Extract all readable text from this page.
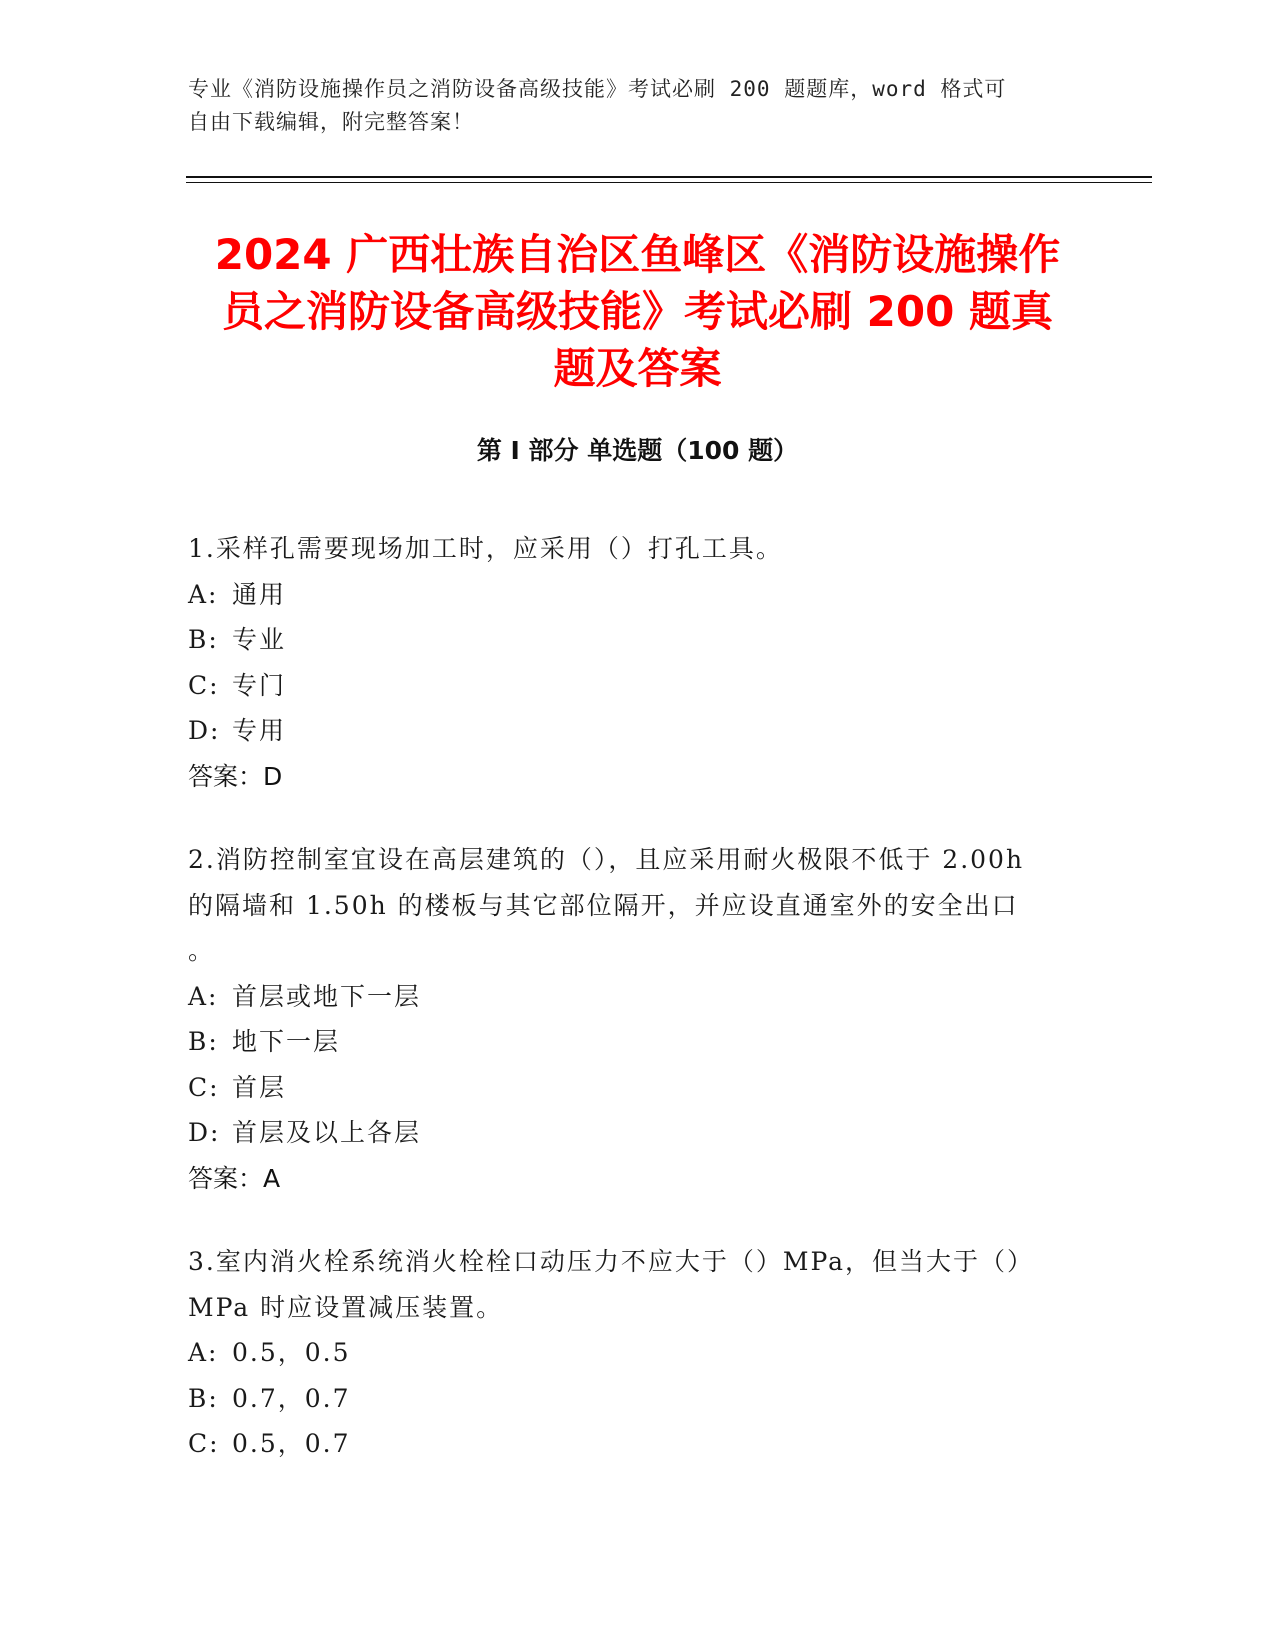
专业《消防设施操作员之消防设备高级技能》考试必刷 200 题题库，word 格式可
自由下载编辑，附完整答案！
2024 广西壮族自治区鱼峰区《消防设施操作
员之消防设备高级技能》考试必刷 200 题真
题及答案
第 I 部分 单选题（100 题）
1.采样孔需要现场加工时，应采用（）打孔工具。
A: 通用
B: 专业
C: 专门
D: 专用
答案：D
2.消防控制室宜设在高层建筑的（），且应采用耐火极限不低于 2.00h
的隔墙和 1.50h 的楼板与其它部位隔开，并应设直通室外的安全出口
。
A: 首层或地下一层
B: 地下一层
C: 首层
D: 首层及以上各层
答案：A
3.室内消火栓系统消火栓栓口动压力不应大于（）MPa，但当大于（）
MPa 时应设置减压装置。
A: 0.5，0.5
B: 0.7，0.7
C: 0.5，0.7
